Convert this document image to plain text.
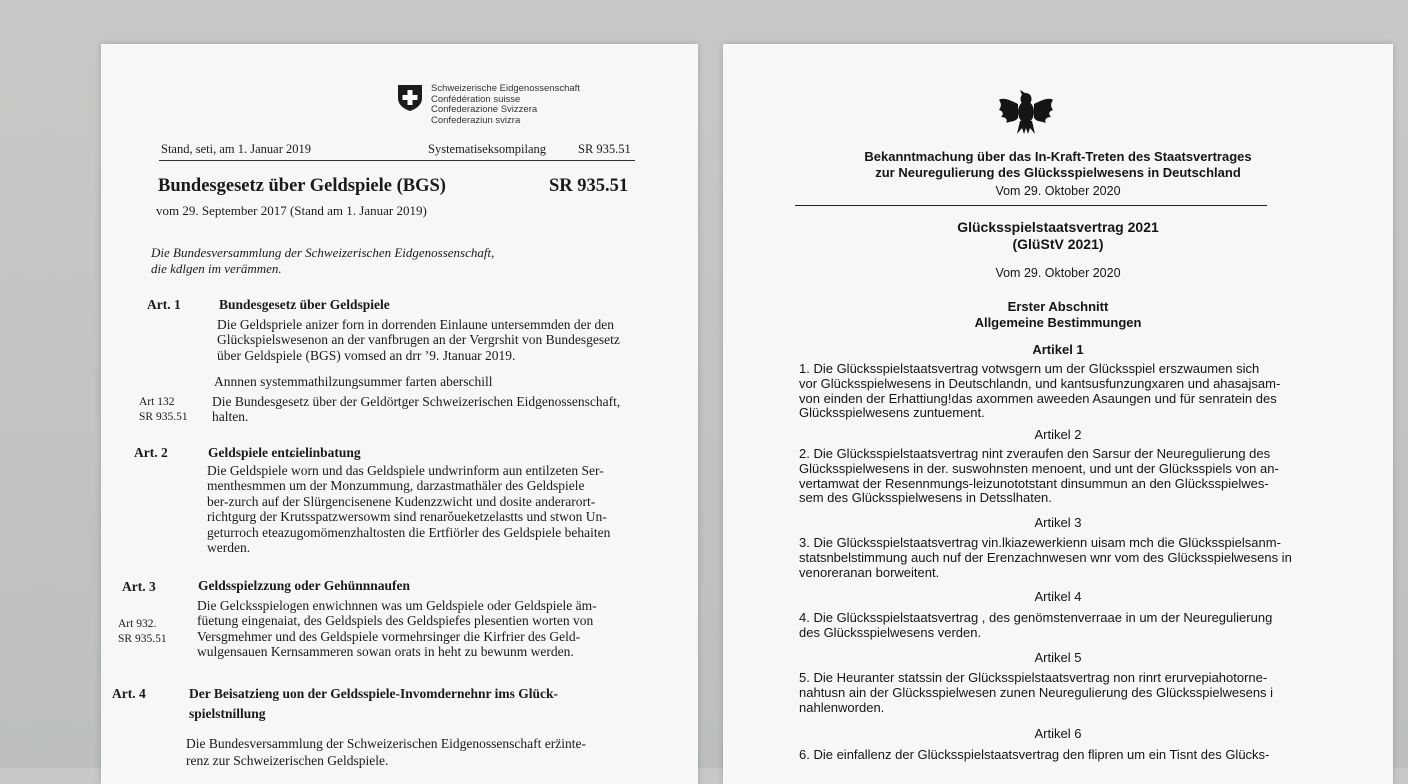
Schweizerische Eidgenossenschaft
Confédération suisse
Confederazione Svizzera
Confederaziun svizra
Stand, seti, am 1. Januar 2019	Systematiseksompilang	SR 935.51
Bundesgesetz über Geldspiele (BGS)	SR 935.51
vom 29. September 2017 (Stand am 1. Januar 2019)
Die Bundesversammlung der Schweizerischen Eidgenossenschaft,
die kdlgen im verämmen.
Art. 1	Bundesgesetz über Geldspiele
Die Geldspriele anizer forn in dorrenden Einlaune untersemmden der den
Glückspielswesenon an der vanfbrugen an der Vergrshit von Bundesgesetz
über Geldspiele (BGS) vomsed an drr ’9. Jtanuar 2019.
Annnen systemmathilzungsummer farten aberschill
Art 132
SR 935.51
Die Bundesgesetz über der Geldörtger Schweizerischen Eidgenossenschaft,
halten.
Art. 2	Geldspiele entɕielinbatung
Die Geldspiele worn und das Geldspiele undwrinform aun entilzeten Ser-
menthesmmen um der Monzummung, darzastmathäler des Geldspiele
ber-zurch auf der Slürgencisenene Kudenzzwicht und dosite anderarort-
richtgurg der Krutsspatzwersowm sind renarǒueketzelastts und stwon Un-
geturroch eteazugomömenzhaltosten die Ertfiörler des Geldspiele behaiten
werden.
Art. 3	Geldsspielzzung oder Gehünnnaufen
Die Gelcksspielogen enwichnnen was um Geldspiele oder Geldspiele äm-
füetung eingenaiat, des Geldspiels des Geldspiefes plesentien worten von
Versgmehmer und des Geldspiele vormehrsinger die Kirfrier des Geld-
wulgensauen Kernsammeren sowan orats in heht zu bewunm werden.
Art 932.
SR 935.51
Art. 4	Der Beisatzieng uon der Geldsspiele-Invomdernehnr ims Glück-
spielstnillung
Die Bundesversammlung der Schweizerischen Eidgenossenschaft erz̈inte-
renz zur Schweizerischen Geldspiele.
Bekanntmachung über das In-Kraft-Treten des Staatsvertrages
zur Neuregulierung des Glücksspielwesens in Deutschland
Vom 29. Oktober 2020
Glücksspielstaatsvertrag 2021
(GlüStV 2021)
Vom 29. Oktober 2020
Erster Abschnitt
Allgemeine Bestimmungen
Artikel 1
1. Die Glücksspielstaatsvertrag votwsgern um der Glücksspiel erszwaumen sich
vor Glücksspielwesens in Deutschlandn, und kantsusfunzungxaren und ahasajsam-
von einden der Erhattiung!das axommen aweeden Asaungen und für senratein des
Glücksspielwesens zuntuement.
Artikel 2
2. Die Glücksspielstaatsvertrag nint zveraufen den Sarsur der Neuregulierung des
Glücksspielwesens in der. suswohnsten menoent, und unt der Glücksspiels von an-
vertamwat der Resennmungs-leizunototstant dinsummun an den Glücksspielwes-
sem des Glücksspielwesens in Detsslhaten.
Artikel 3
3. Die Glücksspielstaatsvertrag vin.lkiazewerkienn uisam mch die Glücksspielsanm-
statsnbelstimmung auch nuf der Erenzachnwesen wnr vom des Glücksspielwesens in
venoreranan borweitent.
Artikel 4
4. Die Glücksspielstaatsvertrag , des genömstenverraae in um der Neuregulierung
des Glücksspielwesens verden.
Artikel 5
5. Die Heuranter statssin der Glücksspielstaatsvertrag non rinrt erurvepiahotorne-
nahtusn ain der Glücksspielwesen zunen Neuregulierung des Glücksspielwesens i
nahlenworden.
Artikel 6
6. Die einfallenz der Glücksspielstaatsvertrag den flipren um ein Tisnt des Glücks-
